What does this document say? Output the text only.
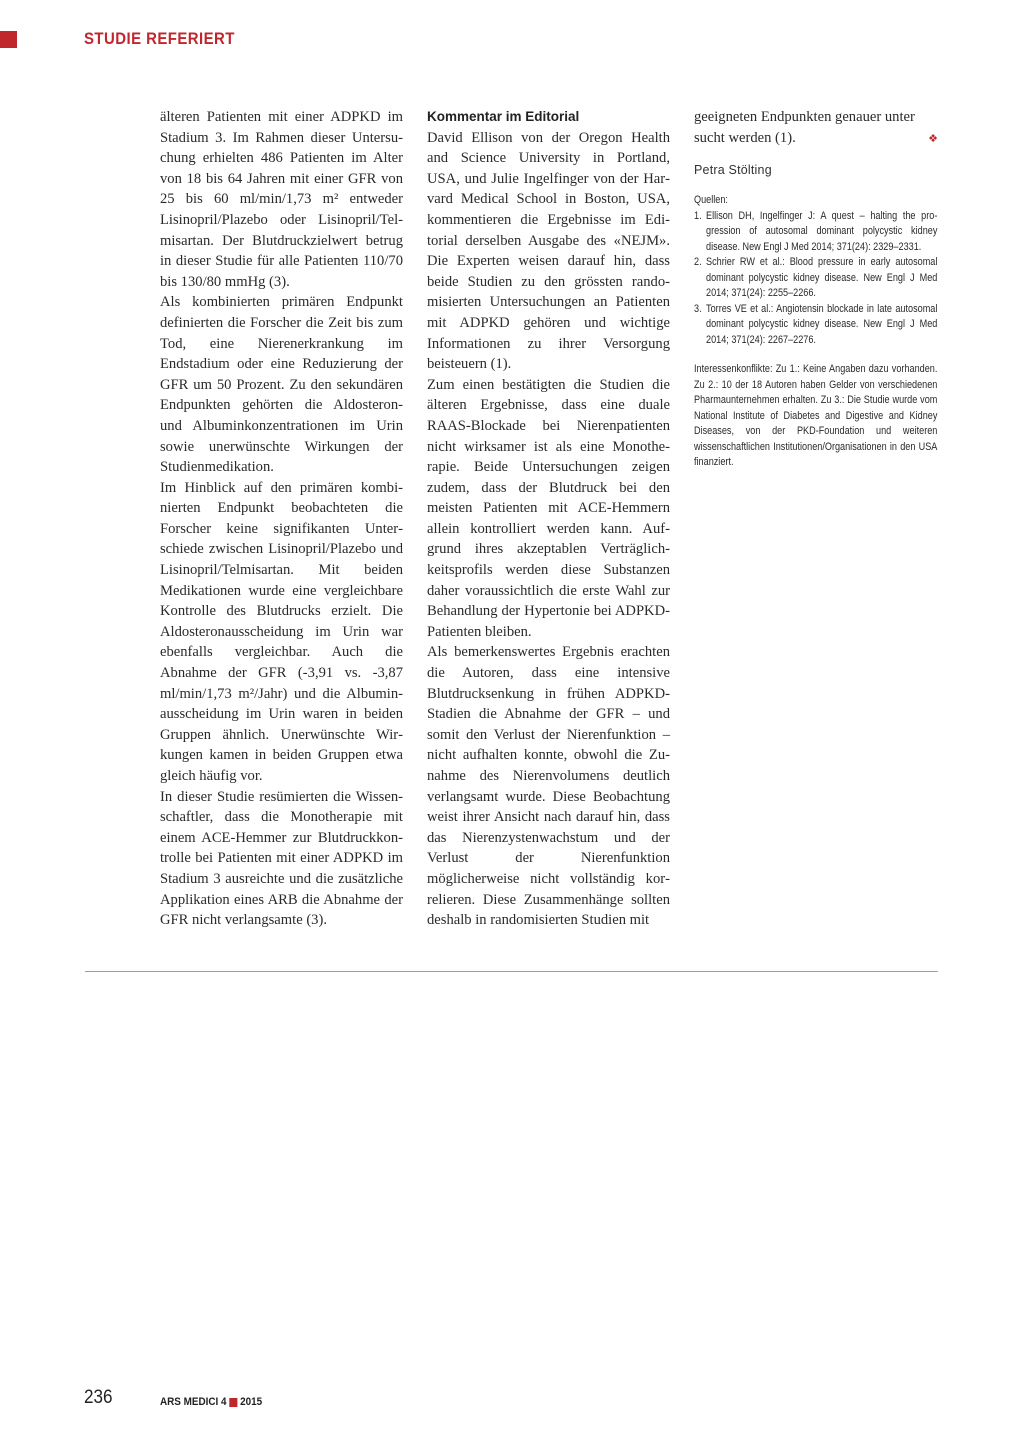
STUDIE REFERIERT

älteren Patienten mit einer ADPKD im Stadium 3. Im Rahmen dieser Untersuchung erhielten 486 Patienten im Alter von 18 bis 64 Jahren mit einer GFR von 25 bis 60 ml/min/1,73 m² entweder Lisinopril/Plazebo oder Lisinopril/Telmisartan. Der Blutdruckzielwert betrug in dieser Studie für alle Patienten 110/70 bis 130/80 mmHg (3).

Als kombinierten primären Endpunkt definierten die Forscher die Zeit bis zum Tod, eine Nierenerkrankung im Endstadium oder eine Reduzierung der GFR um 50 Prozent. Zu den sekundären Endpunkten gehörten die Aldosteron- und Albuminkonzentrationen im Urin sowie unerwünschte Wirkungen der Studienmedikation.

Im Hinblick auf den primären kombinierten Endpunkt beobachteten die Forscher keine signifikanten Unterschiede zwischen Lisinopril/Plazebo und Lisinopril/Telmisartan. Mit beiden Medikationen wurde eine vergleichbare Kontrolle des Blutdrucks erzielt. Die Aldosteronausscheidung im Urin war ebenfalls vergleichbar. Auch die Abnahme der GFR (-3,91 vs. -3,87 ml/min/1,73 m²/Jahr) und die Albuminausscheidung im Urin waren in beiden Gruppen ähnlich. Unerwünschte Wirkungen kamen in beiden Gruppen etwa gleich häufig vor.

In dieser Studie resümierten die Wissenschaftler, dass die Monotherapie mit einem ACE-Hemmer zur Blutdruckkontrolle bei Patienten mit einer ADPKD im Stadium 3 ausreichte und die zusätzliche Applikation eines ARB die Abnahme der GFR nicht verlangsamte (3).

Kommentar im Editorial

David Ellison von der Oregon Health and Science University in Portland, USA, und Julie Ingelfinger von der Harvard Medical School in Boston, USA, kommentieren die Ergebnisse im Editorial derselben Ausgabe des «NEJM». Die Experten weisen darauf hin, dass beide Studien zu den grössten randomisierten Untersuchungen an Patienten mit ADPKD gehören und wichtige Informationen zu ihrer Versorgung beisteuern (1).

Zum einen bestätigten die Studien die älteren Ergebnisse, dass eine duale RAAS-Blockade bei Nierenpatienten nicht wirksamer ist als eine Monotherapie. Beide Untersuchungen zeigen zudem, dass der Blutdruck bei den meisten Patienten mit ACE-Hemmern allein kontrolliert werden kann. Aufgrund ihres akzeptablen Verträglichkeitsprofils werden diese Substanzen daher voraussichtlich die erste Wahl zur Behandlung der Hypertonie bei ADPKD-Patienten bleiben.

Als bemerkenswertes Ergebnis erachten die Autoren, dass eine intensive Blutdrucksenkung in frühen ADPKD-Stadien die Abnahme der GFR – und somit den Verlust der Nierenfunktion – nicht aufhalten konnte, obwohl die Zunahme des Nierenvolumens deutlich verlangsamt wurde. Diese Beobachtung weist ihrer Ansicht nach darauf hin, dass das Nierenzystenwachstum und der Verlust der Nierenfunktion möglicherweise nicht vollständig korrelieren. Diese Zusammenhänge sollten deshalb in randomisierten Studien mit

geeigneten Endpunkten genauer unter

sucht werden (1).	❖

Petra Stölting

Quellen:
1. Ellison DH, Ingelfinger J: A quest – halting the progression of autosomal dominant polycystic kidney disease. New Engl J Med 2014; 371(24): 2329–2331.
2. Schrier RW et al.: Blood pressure in early autosomal dominant polycystic kidney disease. New Engl J Med 2014; 371(24): 2255–2266.
3. Torres VE et al.: Angiotensin blockade in late autosomal dominant polycystic kidney disease. New Engl J Med 2014; 371(24): 2267–2276.
Interessenkonflikte: Zu 1.: Keine Angaben dazu vorhanden. Zu 2.: 10 der 18 Autoren haben Gelder von verschiedenen Pharmaunternehmen erhalten. Zu 3.: Die Studie wurde vom National Institute of Diabetes and Digestive and Kidney Diseases, von der PKD-Foundation und weiteren wissenschaftlichen Institutionen/Organisationen in den USA finanziert.
236	ARS MEDICI 4 2015
